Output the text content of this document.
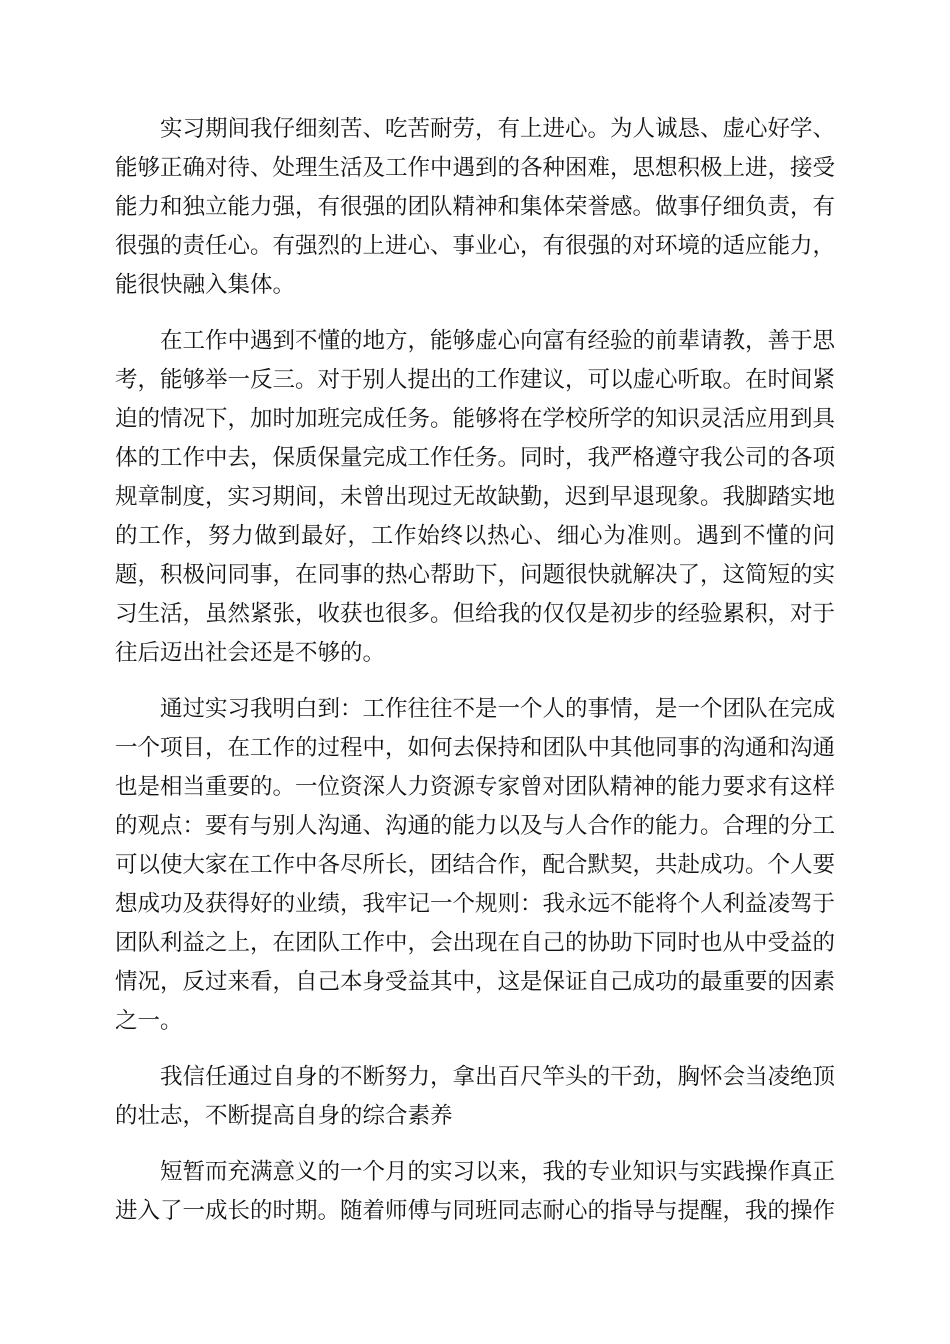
实习期间我仔细刻苦、吃苦耐劳，有上进心。为人诚恳、虚心好学、能够正确对待、处理生活及工作中遇到的各种困难，思想积极上进，接受能力和独立能力强，有很强的团队精神和集体荣誉感。做事仔细负责，有很强的责任心。有强烈的上进心、事业心，有很强的对环境的适应能力，能很快融入集体。

在工作中遇到不懂的地方，能够虚心向富有经验的前辈请教，善于思考，能够举一反三。对于别人提出的工作建议，可以虚心听取。在时间紧迫的情况下，加时加班完成任务。能够将在学校所学的知识灵活应用到具体的工作中去，保质保量完成工作任务。同时，我严格遵守我公司的各项规章制度，实习期间，未曾出现过无故缺勤，迟到早退现象。我脚踏实地的工作，努力做到最好，工作始终以热心、细心为准则。遇到不懂的问题，积极问同事，在同事的热心帮助下，问题很快就解决了，这简短的实习生活，虽然紧张，收获也很多。但给我的仅仅是初步的经验累积，对于往后迈出社会还是不够的。

通过实习我明白到：工作往往不是一个人的事情，是一个团队在完成一个项目，在工作的过程中，如何去保持和团队中其他同事的沟通和沟通也是相当重要的。一位资深人力资源专家曾对团队精神的能力要求有这样的观点：要有与别人沟通、沟通的能力以及与人合作的能力。合理的分工可以使大家在工作中各尽所长，团结合作，配合默契，共赴成功。个人要想成功及获得好的业绩，我牢记一个规则：我永远不能将个人利益凌驾于团队利益之上，在团队工作中，会出现在自己的协助下同时也从中受益的情况，反过来看，自己本身受益其中，这是保证自己成功的最重要的因素之一。

我信任通过自身的不断努力，拿出百尺竿头的干劲，胸怀会当凌绝顶的壮志，不断提高自身的综合素养

短暂而充满意义的一个月的实习以来，我的专业知识与实践操作真正进入了一成长的时期。随着师傅与同班同志耐心的指导与提醒，我的操作
